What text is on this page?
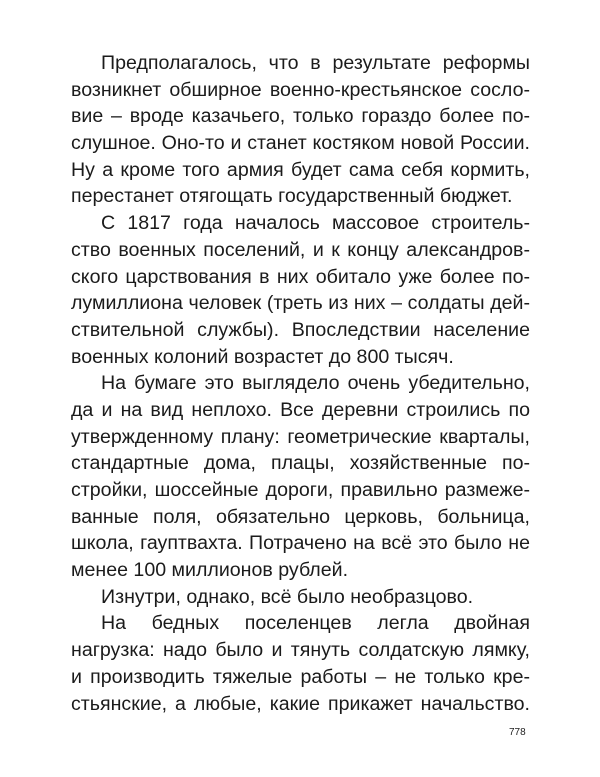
Предполагалось, что в результате реформы
возникнет обширное военно-крестьянское сосло-
вие – вроде казачьего, только гораздо более по-
слушное. Оно-то и станет костяком новой России.
Ну а кроме того армия будет сама себя кормить,
перестанет отягощать государственный бюджет.
С 1817 года началось массовое строитель-
ство военных поселений, и к концу александров-
ского царствования в них обитало уже более по-
лумиллиона человек (треть из них – солдаты дей-
ствительной службы). Впоследствии население
военных колоний возрастет до 800 тысяч.
На бумаге это выглядело очень убедительно,
да и на вид неплохо. Все деревни строились по
утвержденному плану: геометрические кварталы,
стандартные дома, плацы, хозяйственные по-
стройки, шоссейные дороги, правильно размеже-
ванные поля, обязательно церковь, больница,
школа, гауптвахта. Потрачено на всё это было не
менее 100 миллионов рублей.
Изнутри, однако, всё было необразцово.
На бедных поселенцев легла двойная
нагрузка: надо было и тянуть солдатскую лямку,
и производить тяжелые работы – не только кре-
стьянские, а любые, какие прикажет начальство.
778
